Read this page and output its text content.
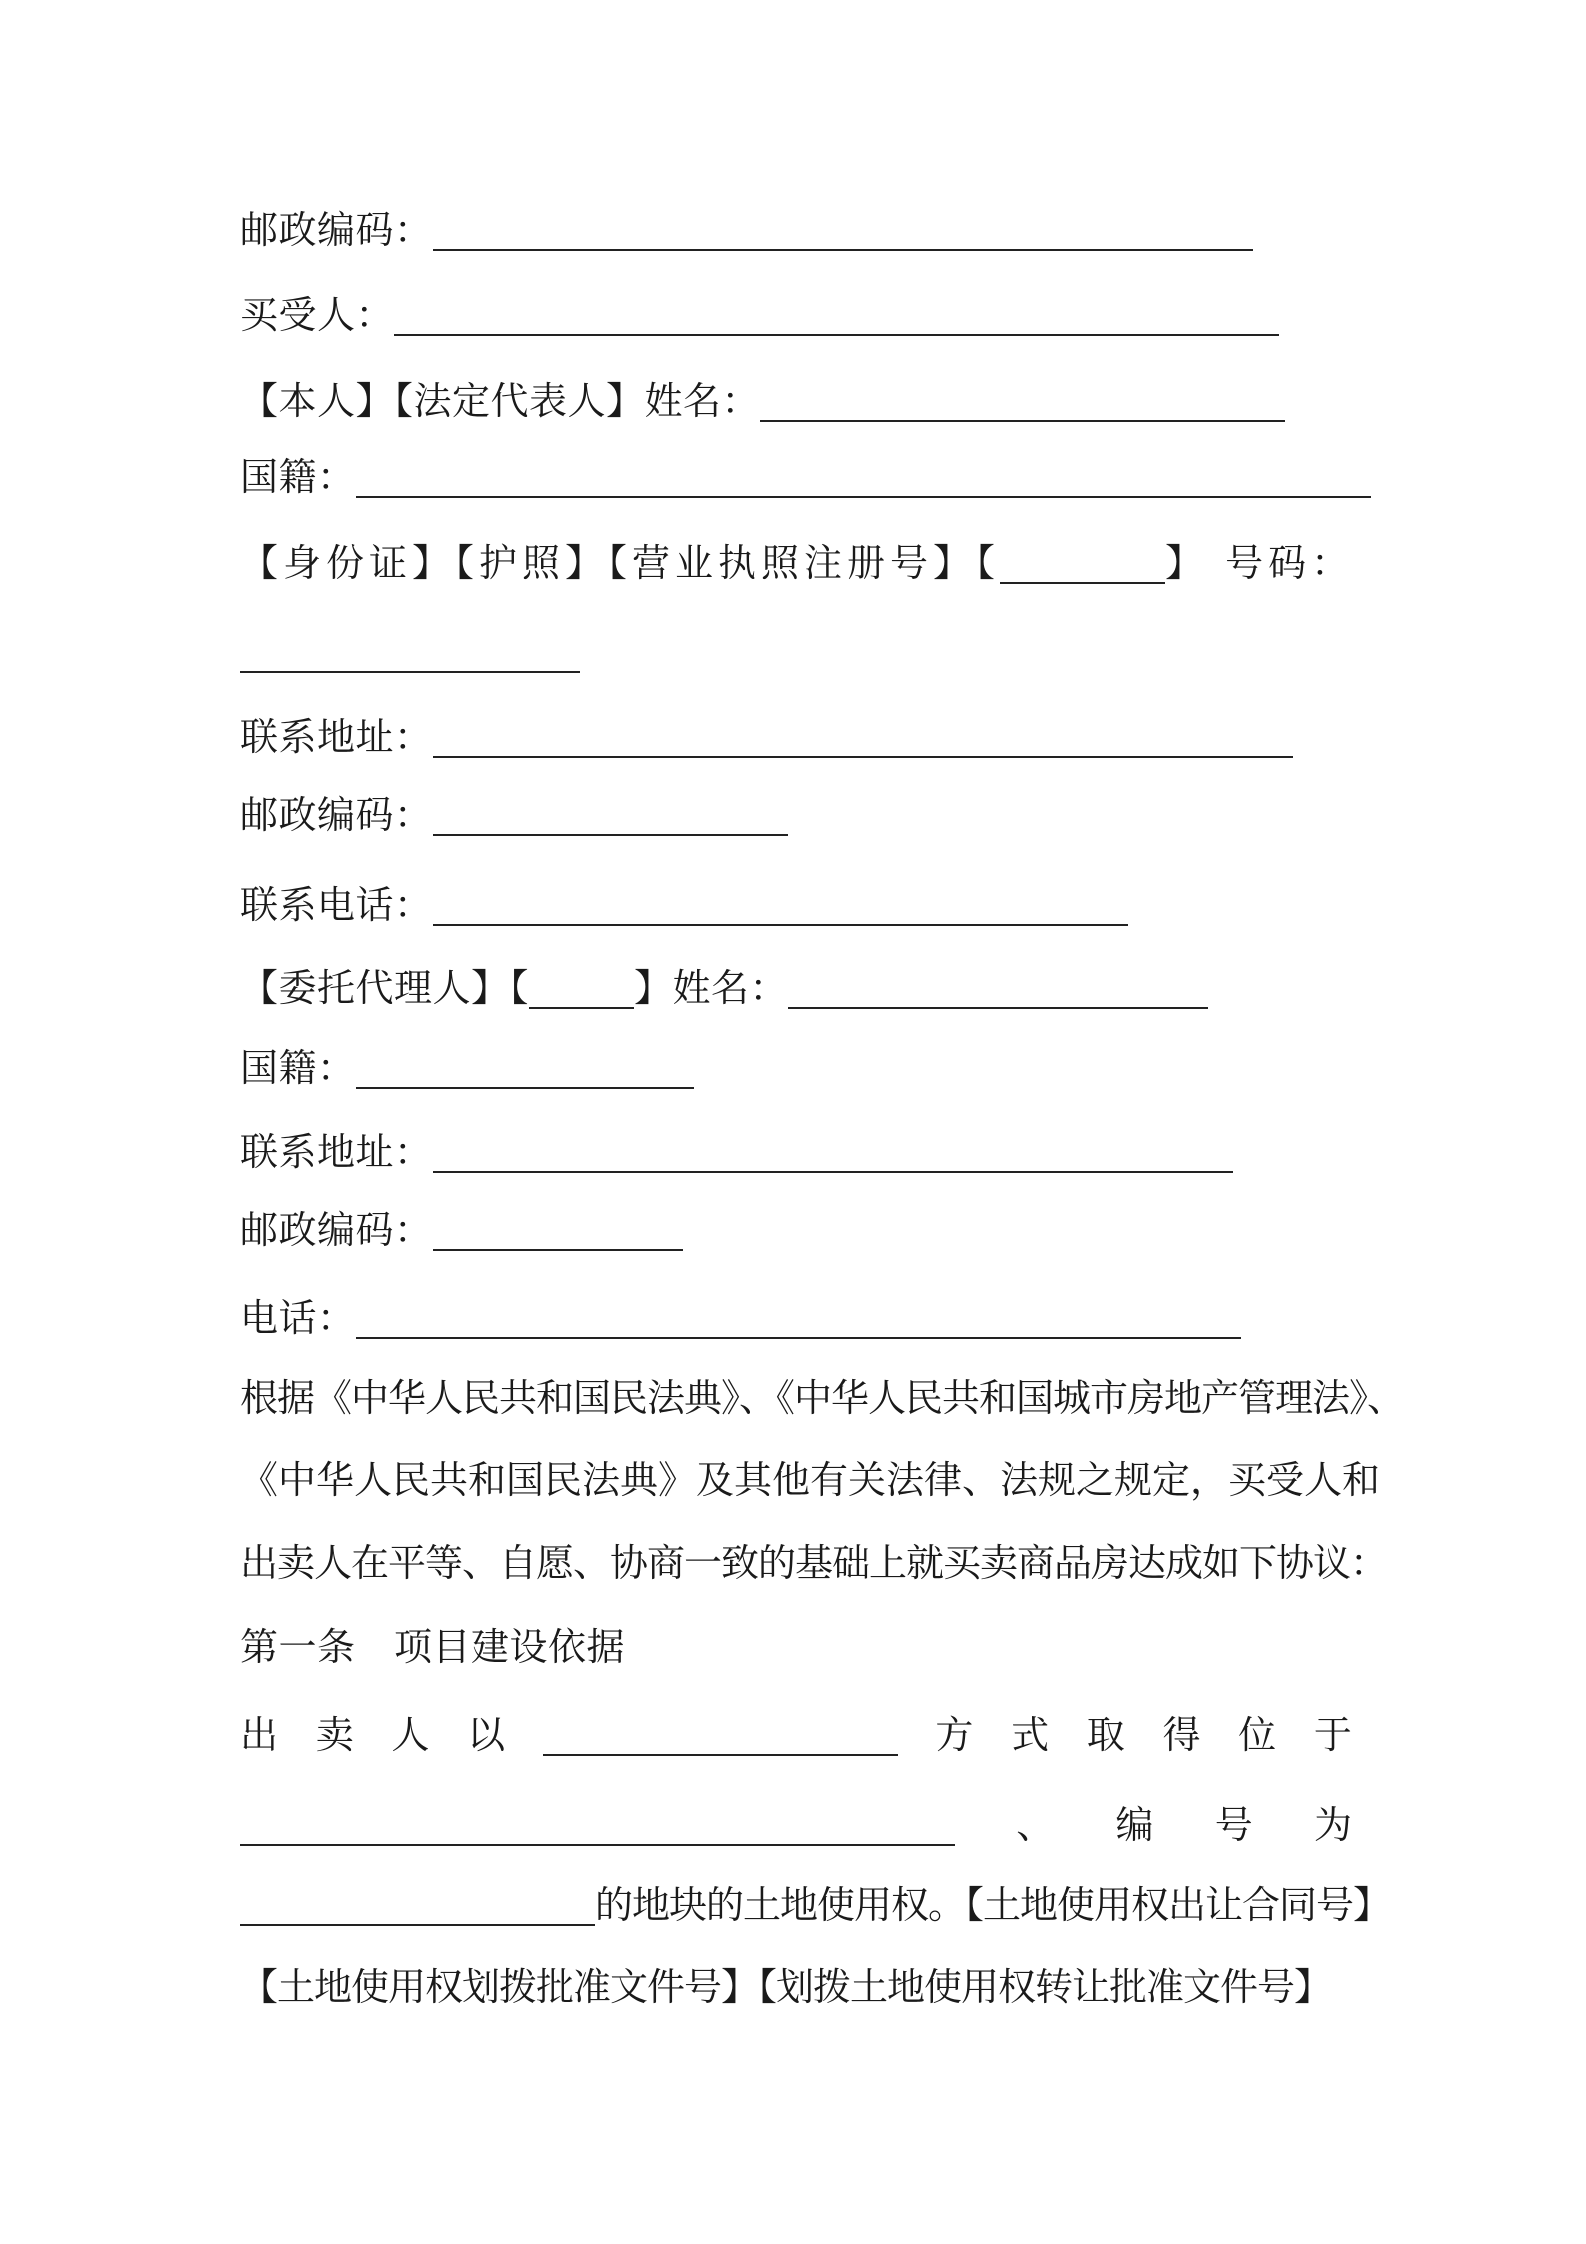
邮政编码：
买受人：
【本人】【法定代表人】姓名：
国籍：
【身份证】【护照】【营业执照注册号】【	】 号码：
联系地址：
邮政编码：
联系电话：
【委托代理人】【	】姓名：
国籍：
联系地址：
邮政编码：
电话：
根据《中华人民共和国民法典》、《中华人民共和国城市房地产管理法》、
《中华人民共和国民法典》及其他有关法律、法规之规定，买受人和
出卖人在平等、自愿、协商一致的基础上就买卖商品房达成如下协议：
第一条　项目建设依据
出 卖 人 以	方 式 取 得 位 于
、 编 号 为
的地块的土地使用权。【土地使用权出让合同号】
【土地使用权划拨批准文件号】【划拨土地使用权转让批准文件号】
